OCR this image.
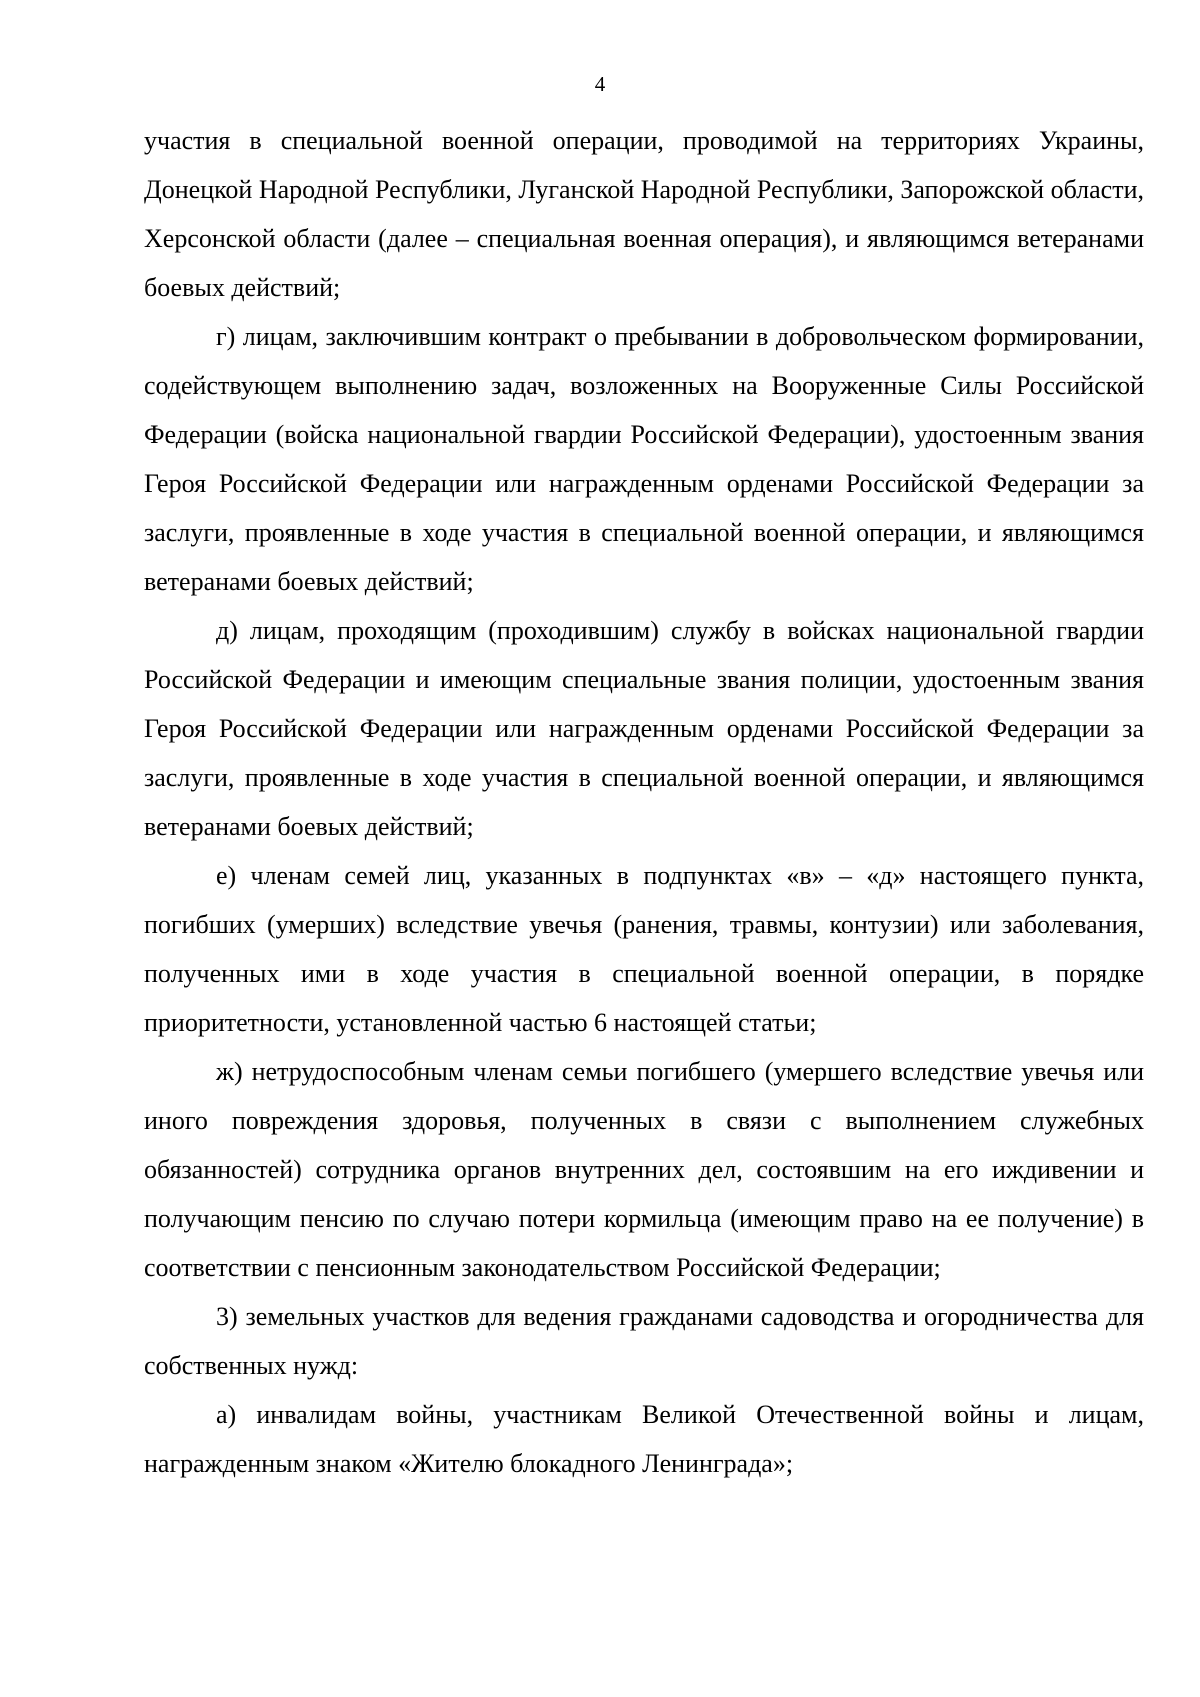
4

участия в специальной военной операции, проводимой на территориях Украины, Донецкой Народной Республики, Луганской Народной Республики, Запорожской области, Херсонской области (далее – специальная военная операция), и являющимся ветеранами боевых действий;

г) лицам, заключившим контракт о пребывании в добровольческом формировании, содействующем выполнению задач, возложенных на Вооруженные Силы Российской Федерации (войска национальной гвардии Российской Федерации), удостоенным звания Героя Российской Федерации или награжденным орденами Российской Федерации за заслуги, проявленные в ходе участия в специальной военной операции, и являющимся ветеранами боевых действий;

д) лицам, проходящим (проходившим) службу в войсках национальной гвардии Российской Федерации и имеющим специальные звания полиции, удостоенным звания Героя Российской Федерации или награжденным орденами Российской Федерации за заслуги, проявленные в ходе участия в специальной военной операции, и являющимся ветеранами боевых действий;

е) членам семей лиц, указанных в подпунктах «в» – «д» настоящего пункта, погибших (умерших) вследствие увечья (ранения, травмы, контузии) или заболевания, полученных ими в ходе участия в специальной военной операции, в порядке приоритетности, установленной частью 6 настоящей статьи;

ж) нетрудоспособным членам семьи погибшего (умершего вследствие увечья или иного повреждения здоровья, полученных в связи с выполнением служебных обязанностей) сотрудника органов внутренних дел, состоявшим на его иждивении и получающим пенсию по случаю потери кормильца (имеющим право на ее получение) в соответствии с пенсионным законодательством Российской Федерации;

3) земельных участков для ведения гражданами садоводства и огородничества для собственных нужд:

а) инвалидам войны, участникам Великой Отечественной войны и лицам, награжденным знаком «Жителю блокадного Ленинграда»;
